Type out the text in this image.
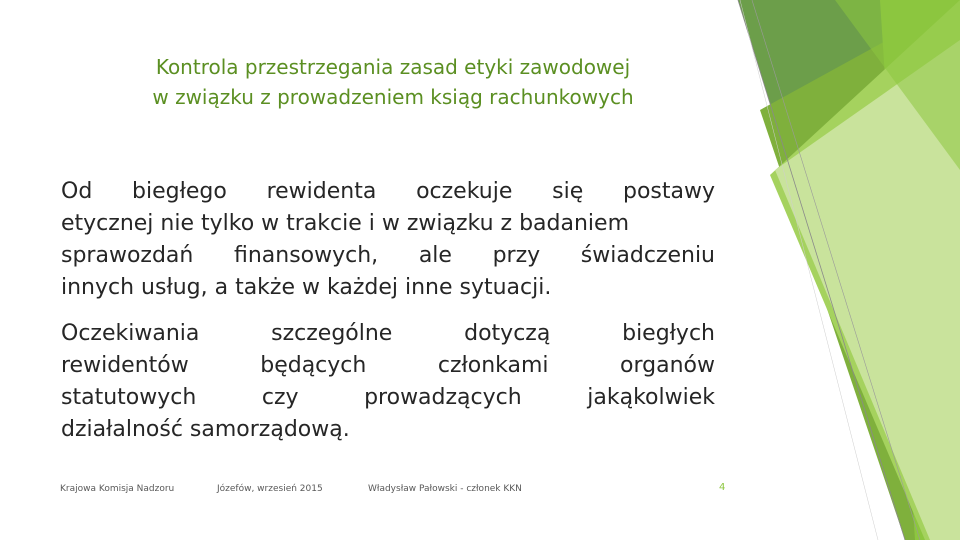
Kontrola przestrzegania zasad etyki zawodowej
w związku z prowadzeniem ksiąg rachunkowych
Od biegłego rewidenta oczekuje się postawy
etycznej nie tylko w trakcie i w związku z badaniem
sprawozdań finansowych, ale przy świadczeniu
innych usług, a także w każdej inne sytuacji.
Oczekiwania szczególne dotyczą biegłych
rewidentów będących członkami organów
statutowych czy prowadzących jakąkolwiek
działalność samorządową.
Krajowa Komisja Nadzoru	Józefów, wrzesień 2015	Władysław Pałowski - członek KKN	4
